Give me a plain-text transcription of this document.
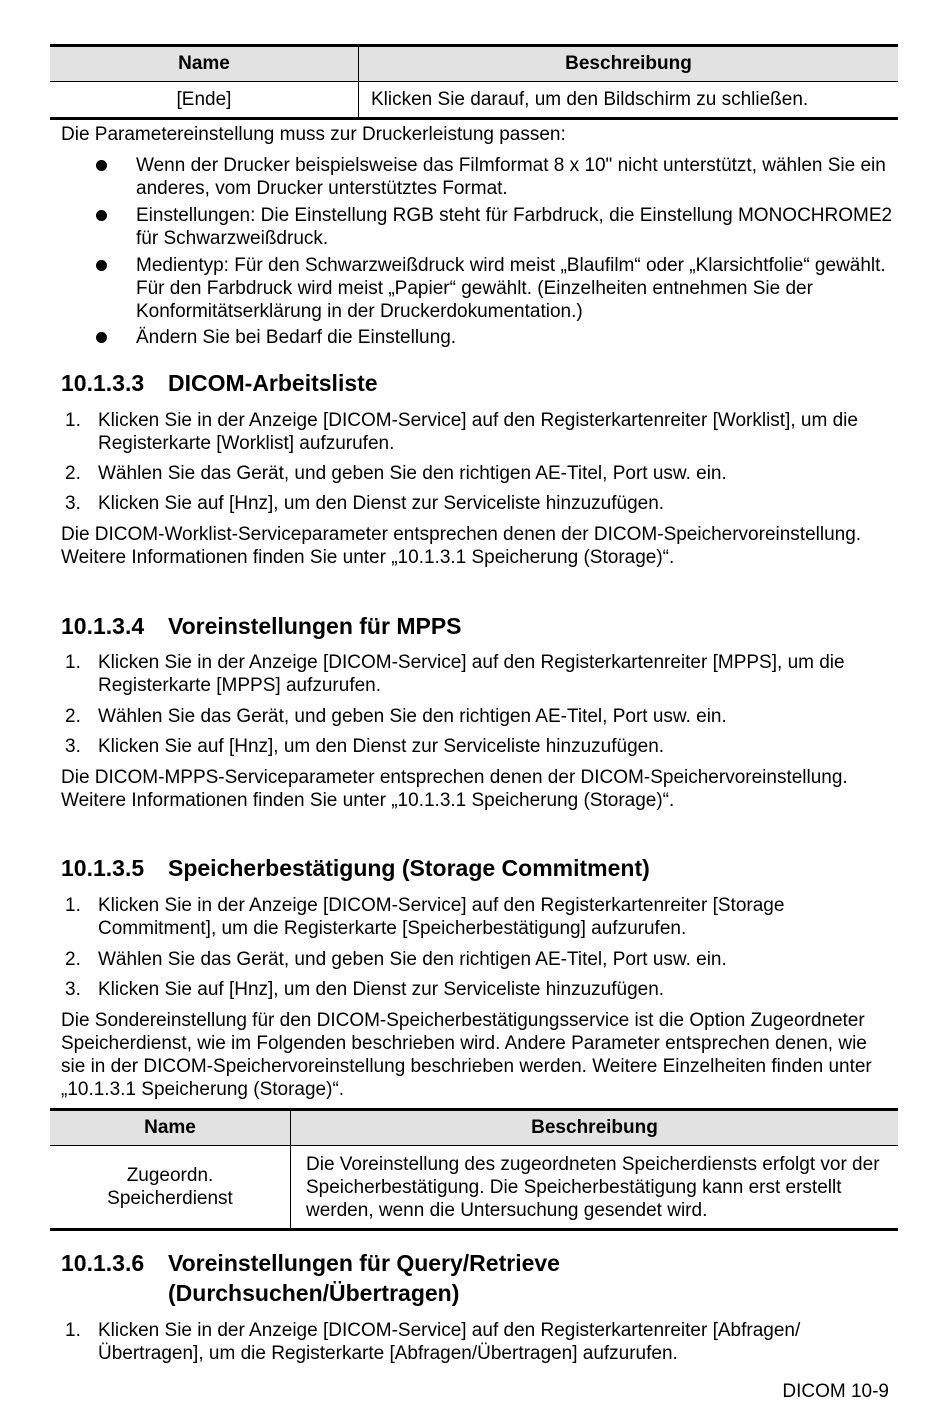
Name	Beschreibung
[Ende]	Klicken Sie darauf, um den Bildschirm zu schließen.

Die Parametereinstellung muss zur Druckerleistung passen:

Wenn der Drucker beispielsweise das Filmformat 8 x 10" nicht unterstützt, wählen Sie ein anderes, vom Drucker unterstütztes Format.
Einstellungen: Die Einstellung RGB steht für Farbdruck, die Einstellung MONOCHROME2 für Schwarzweißdruck.
Medientyp: Für den Schwarzweißdruck wird meist „Blaufilm“ oder „Klarsichtfolie“ gewählt. Für den Farbdruck wird meist „Papier“ gewählt. (Einzelheiten entnehmen Sie der Konformitätserklärung in der Druckerdokumentation.)
Ändern Sie bei Bedarf die Einstellung.
10.1.3.3 DICOM-Arbeitsliste
1. Klicken Sie in der Anzeige [DICOM-Service] auf den Registerkartenreiter [Worklist], um die Registerkarte [Worklist] aufzurufen.
2. Wählen Sie das Gerät, und geben Sie den richtigen AE-Titel, Port usw. ein.
3. Klicken Sie auf [Hnz], um den Dienst zur Serviceliste hinzuzufügen.

Die DICOM-Worklist-Serviceparameter entsprechen denen der DICOM-Speichervoreinstellung. Weitere Informationen finden Sie unter „10.1.3.1 Speicherung (Storage)“.

10.1.3.4 Voreinstellungen für MPPS
1. Klicken Sie in der Anzeige [DICOM-Service] auf den Registerkartenreiter [MPPS], um die Registerkarte [MPPS] aufzurufen.
2. Wählen Sie das Gerät, und geben Sie den richtigen AE-Titel, Port usw. ein.
3. Klicken Sie auf [Hnz], um den Dienst zur Serviceliste hinzuzufügen.

Die DICOM-MPPS-Serviceparameter entsprechen denen der DICOM-Speichervoreinstellung. Weitere Informationen finden Sie unter „10.1.3.1 Speicherung (Storage)“.

10.1.3.5 Speicherbestätigung (Storage Commitment)
1. Klicken Sie in der Anzeige [DICOM-Service] auf den Registerkartenreiter [Storage Commitment], um die Registerkarte [Speicherbestätigung] aufzurufen.
2. Wählen Sie das Gerät, und geben Sie den richtigen AE-Titel, Port usw. ein.
3. Klicken Sie auf [Hnz], um den Dienst zur Serviceliste hinzuzufügen.

Die Sondereinstellung für den DICOM-Speicherbestätigungsservice ist die Option Zugeordneter Speicherdienst, wie im Folgenden beschrieben wird. Andere Parameter entsprechen denen, wie sie in der DICOM-Speichervoreinstellung beschrieben werden. Weitere Einzelheiten finden unter „10.1.3.1 Speicherung (Storage)“.

Name	Beschreibung
Zugeordn.
Speicherdienst	Die Voreinstellung des zugeordneten Speicherdiensts erfolgt vor der Speicherbestätigung. Die Speicherbestätigung kann erst erstellt werden, wenn die Untersuchung gesendet wird.
10.1.3.6 Voreinstellungen für Query/Retrieve
(Durchsuchen/Übertragen)
1. Klicken Sie in der Anzeige [DICOM-Service] auf den Registerkartenreiter [Abfragen/Übertragen], um die Registerkarte [Abfragen/Übertragen] aufzurufen.
DICOM 10-9
